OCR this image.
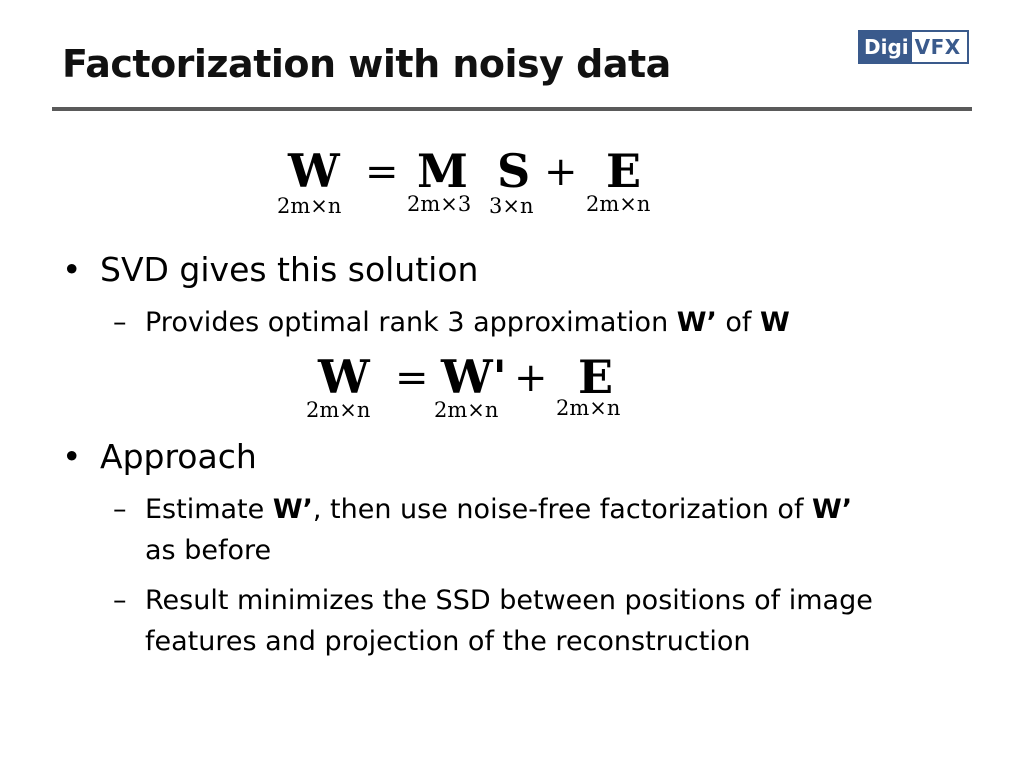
Factorization with noisy data	Digi VFX
W
2m×n
= M
2m×3
S
3×n
+ E
2m×n
• SVD gives this solution
– Provides optimal rank 3 approximation W’ of W
W
2m×n
= W'
2m×n
+ E
2m×n
• Approach
– Estimate W’, then use noise-free factorization of W’
as before
– Result minimizes the SSD between positions of image
features and projection of the reconstruction
